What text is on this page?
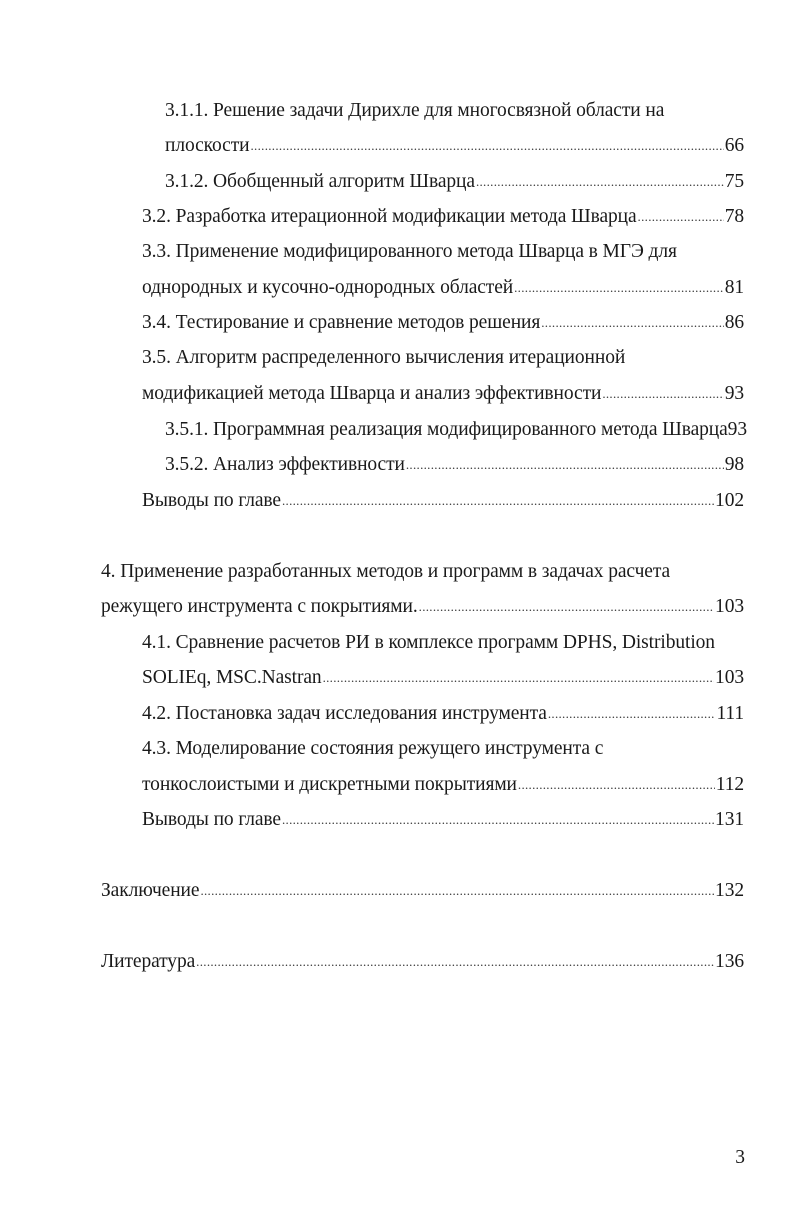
3.1.1. Решение задачи Дирихле для многосвязной области на
плоскости .....	66
3.1.2. Обобщенный алгоритм Шварца .....	75
3.2. Разработка итерационной модификации метода Шварца .....	78
3.3. Применение модифицированного метода Шварца в МГЭ для
однородных и кусочно-однородных областей .....	81
3.4. Тестирование и сравнение методов решения .....	86
3.5. Алгоритм распределенного вычисления итерационной
модификацией метода Шварца и анализ эффективности .....	93
3.5.1. Программная реализация модифицированного метода Шварца93
3.5.2. Анализ эффективности .....	98
Выводы по главе .....	102
4. Применение разработанных методов и программ в задачах расчета
режущего инструмента с покрытиями. .....	103
4.1. Сравнение расчетов РИ в комплексе программ DPHS, Distribution
SOLIEq, MSC.Nastran .....	103
4.2. Постановка задач исследования инструмента .....	111
4.3. Моделирование состояния режущего инструмента с
тонкослоистыми и дискретными покрытиями .....	112
Выводы по главе .....	131
Заключение .....	132
Литература .....	136
3
